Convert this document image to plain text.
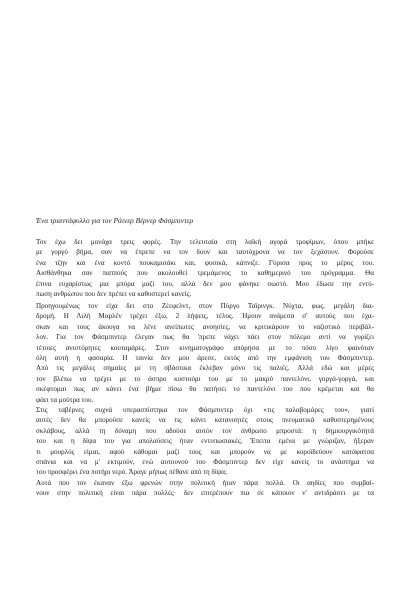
Ένα τριαντάφυλλο για τον Ράινερ Βέρνερ Φάσμπιντερ
Τον έχω δει μονάχα τρεις φορές. Την τελευταία στη λαϊκή αγορά τροφίμων, όπου μπήκε
με γοργό βήμα, σαν να έπρεπε να τον δουν και ταυτόχρονα να τον ξεχάσουν. Φορούσε
ένα τζην και ένα κοντό πουκαμισάκι και, φυσικά, κάπνιζε. Γύρισα προς το μέρος του.
Αισθάνθηκα σαν παππούς που ακολουθεί τρεμάμενος το καθημερινό του πρόγραμμα. Θα
έπινα ευχαρίστως μια μπύρα μαζί του, αλλά δεν μου φάνηκε σωστό. Μου έδωσε την εντύ-
πωση ανθρώπου που δεν πρέπει να καθυστερεί κανείς.
Προηγουμένως τον είχα δει στο Ζέεφελντ, στον Πύργο Ταϊρινγκ. Νύχτα, φως, μεγάλη δια-
δρομή. Η Λιλή Μαρλέν τρέχει έξω, 2 λήψεις, τέλος. Ήμουν ανάμεσα σ' αυτούς που έχα-
σκαν και τους άκουγα να λένε ανείπωτες ανοησίες, να κριτικάρουν το ναζιστικό περιβάλ-
λον. Για τον Φάσμπιντερ έλεγαν πως θα 'πρεπε νάχει πάει στον πόλεμο αντί να γυρίζει
τέτοιες ανιστόρητες κουταμάρες. Στον κινηματογράφο απόρησα με το πόσο λίγο φαινόταν
όλη αυτή η φασαρία. Η ταινία δεν μου άρεσε, εκτός από την εμφάνιση του Φάσμπιντερ.
Από τις μεγάλες σημαίες με τη σβάστικα έκλεβαν μόνο τις παλιές. Αλλά εδώ και μέρες
τον βλέπω να τρέχει με το άσπρο κοστούμι του με το μακρύ παντελόνι, γοργά-γοργά, και
σκέφτομαι πως αν κάνει ένα βήμα πίσω θα πατήσει το παντελόνι του που κρέμεται και θα
φάει τα μούτρα του.
Στις ταβέρνες συχνά υπερασπίστηκα τον Φάσμπιντερ όχι «τις παλαβομάρες του», γιατί
αυτές δεν θα μπορούσε κανείς να τις κάνει κατανοητές στους πνευματικά καθυστερημένους
σκλάβους, αλλά τη δύναμη που αδούσε αυτόν τον άνθρωπο μπροστά: η δημιουργικότητά
του και η δίψα του για απολαύσεις ήταν εντυπωσιακές. Έπειτα εμένα με γνώριζαν, ήξεραν
τι μουρλός είμαι, αφού κάθομαι μαζί τους και μπορούν να με κοροϊδεύουν κατάφατσα
σπάνια και να μ' εκτιμούν, ενώ αυτουνού του Φάσμπιντερ δεν είχε κανείς το ανάστημα να
του προσφέρει ένα ποτήρι νερό. Άραγε μήπως πέθανε από τη δίψα;
Αυτά που τον έκαναν έξω φρενών στην πολιτική ήταν πάρα πολλά. Οι αηδίες που συμβαί-
νουν στην πολιτική είναι πάρα πολλές· δεν επιτρέπουν πια σε κάποιον ν' αντιδράσει με τα
